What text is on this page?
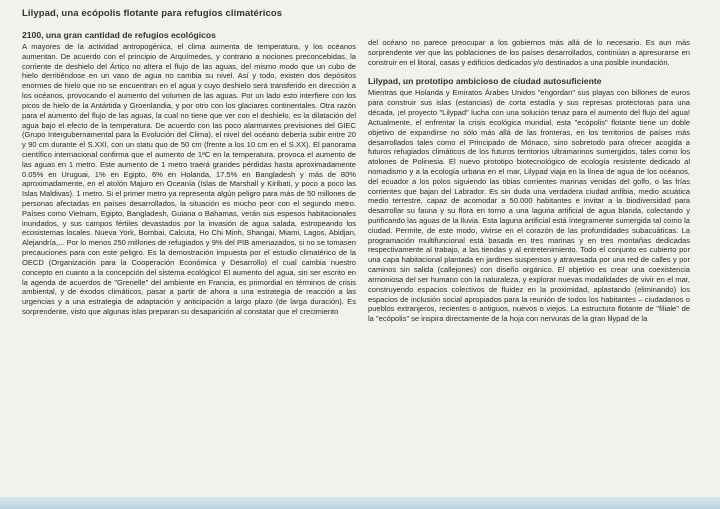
Lilypad, una ecópolis flotante para refugios climatéricos
2100, una gran cantidad de refugios ecológicos

A mayores de la actividad antropogénica, el clima aumenta de temperatura, y los océanos aumentan. De acuerdo con el principio de Arquímedes, y contrario a nociones preconcebidas, la corriente de deshielo del Ártico no altera el flujo de las aguas, del mismo modo que un cubo de hielo derritiéndose en un vaso de agua no cambia su nivel. Así y todo, existen dos depósitos enormes de hielo que no se encuentran en el agua y cuyo deshielo será transferido en dirección a los océanos, provocando el aumento del volumen de las aguas. Por un lado esto interfiere con los picos de hielo de la Antártida y Groenlandia, y por otro con los glaciares continentales. Otra razón para el aumento del flujo de las aguas, la cual no tiene que ver con el deshielo, es la dilatación del agua bajo el efecto de la temperatura. De acuerdo con las poco alarmantes previsiones del GIEC (Grupo Intergubernamental para la Evolución del Clima), el nivel del océano debería subir entre 20 y 90 cm durante el S.XXI, con un statu quo de 50 cm (frente a los 10 cm en el S.XX). El panorama científico internacional confirma que el aumento de 1ºC en la temperatura, provoca el aumento de las aguas en 1 metro. Este aumento de 1 metro traerá grandes pérdidas hasta aproximadamente 0.05% en Uruguai, 1% en Egipto, 6% en Holanda, 17.5% en Bangladesh y más de 80% aproximadamente, en el atolón Majuro en Oceanía (Islas de Marshall y Kiribati, y poco a poco las Islas Maldivas). 1 metro. Si el primer metro ya representa algún peligro para más de 50 millones de personas afectadas en países desarrollados, la situación es mucho peor con el segundo metro. Países como Vietnam, Egipto, Bangladesh, Guiana o Bahamas, verán sus espesos habitacionales inundados, y sus campos fértiles devastados por la invasión de agua salada, estropeando los ecosistemas locales. Nueva York, Bombai, Calcuta, Ho Chi Minh, Shangai, Miami, Lagos, Abidjan, Alejandría,... Por lo menos 250 millones de refugiados y 9% del PIB amenazados, si no se tomasen precauciones para con este peligro. Es la demostración impuesta por el estudio climatérico de la OECD (Organización para la Cooperación Económica y Desarrollo) el cual cambia nuestro concepto en cuanto a la concepción del sistema ecológico! El aumento del agua, sin ser escrito en la agenda de acuerdos de "Grenelle" del ambiente en Francia, es primordial en términos de crisis ambiental, y de éxodos climáticos, pasar a partir de ahora a una estrategia de reacción a las urgencias y a una estrategia de adaptación y anticipación a largo plazo (de larga duración). Es sorprendente, visto que algunas islas preparan su desaparición al constatar que el crecimiento

del océano no parece preocupar a los gobiernos más allá de lo necesario. Es aun más sorprendente ver que las poblaciones de los países desarrollados, continúan a apresurarse en construir en el litoral, casas y edificios dedicados y/o destinados a una posible inundación.

Lilypad, un prototipo ambicioso de ciudad autosuficiente

Mientras que Holanda y Emiratos Árabes Unidos "engordan" sus playas con billones de euros para construir sus islas (estancias) de corta estadía y sus represas protectoras para una década, ¡el proyecto "Lilypad" lucha con una solución tenaz para el aumento del flujo del agua! Actualmente, el enfrentar la crisis ecológica mundial, esta "ecópolis" flotante tiene un doble objetivo de expandirse no sólo más allá de las fronteras, en los territorios de países más desarrollados tales como el Principado de Mónaco, sino sobretodo para ofrecer acogida a futuros refugiados climáticos de los futuros territorios ultramarinos sumergidos, tales como los atolones de Polinesia. El nuevo prototipo biotecnológico de ecología resistente dedicado al nomadismo y a la ecología urbana en el mar, Lilypad viaja en la línea de agua de los océanos, del ecuador a los polos siguiendo las tibias corrientes marinas venidas del golfo, o las frías corrientes que bajan del Labrador. Es sin duda una verdadera ciudad anfibia, medio acuática medio terrestre, capaz de acomodar a 50.000 habitantes e invitar a la biodiversidad para desarrollar su fauna y su flora en torno a una laguna artificial de agua blanda, colectando y purificando las aguas de la lluvia. Esta laguna artificial está íntegramente sumergida tal como la ciudad. Permite, de este modo, vivirse en el corazón de las profundidades subacuáticas. La programación multifuncional está basada en tres marinas y en tres montañas dedicadas respectivamente al trabajo, a las tiendas y al entretenimiento. Todo el conjunto es cubierto por una capa habitacional plantada en jardines suspensos y atravesada por una red de calles y por caminos sin salida (callejones) con diseño orgánico. El objetivo es crear una coexistencia armoniosa del ser humano con la naturaleza, y explorar nuevas modalidades de vivir en el mar, construyendo espacios colectivos de fluidez en la proximidad, aplastando (eliminando) los espacios de inclusión social apropiados para la reunión de todos los habitantes – ciudadanos o pueblos extranjeros, recientes o antiguos, nuevos o viejos. La estructura flotante de "filiale" de la "ecópolis" se inspira directamente de la hoja con nervuras de la gran lilypad de la
